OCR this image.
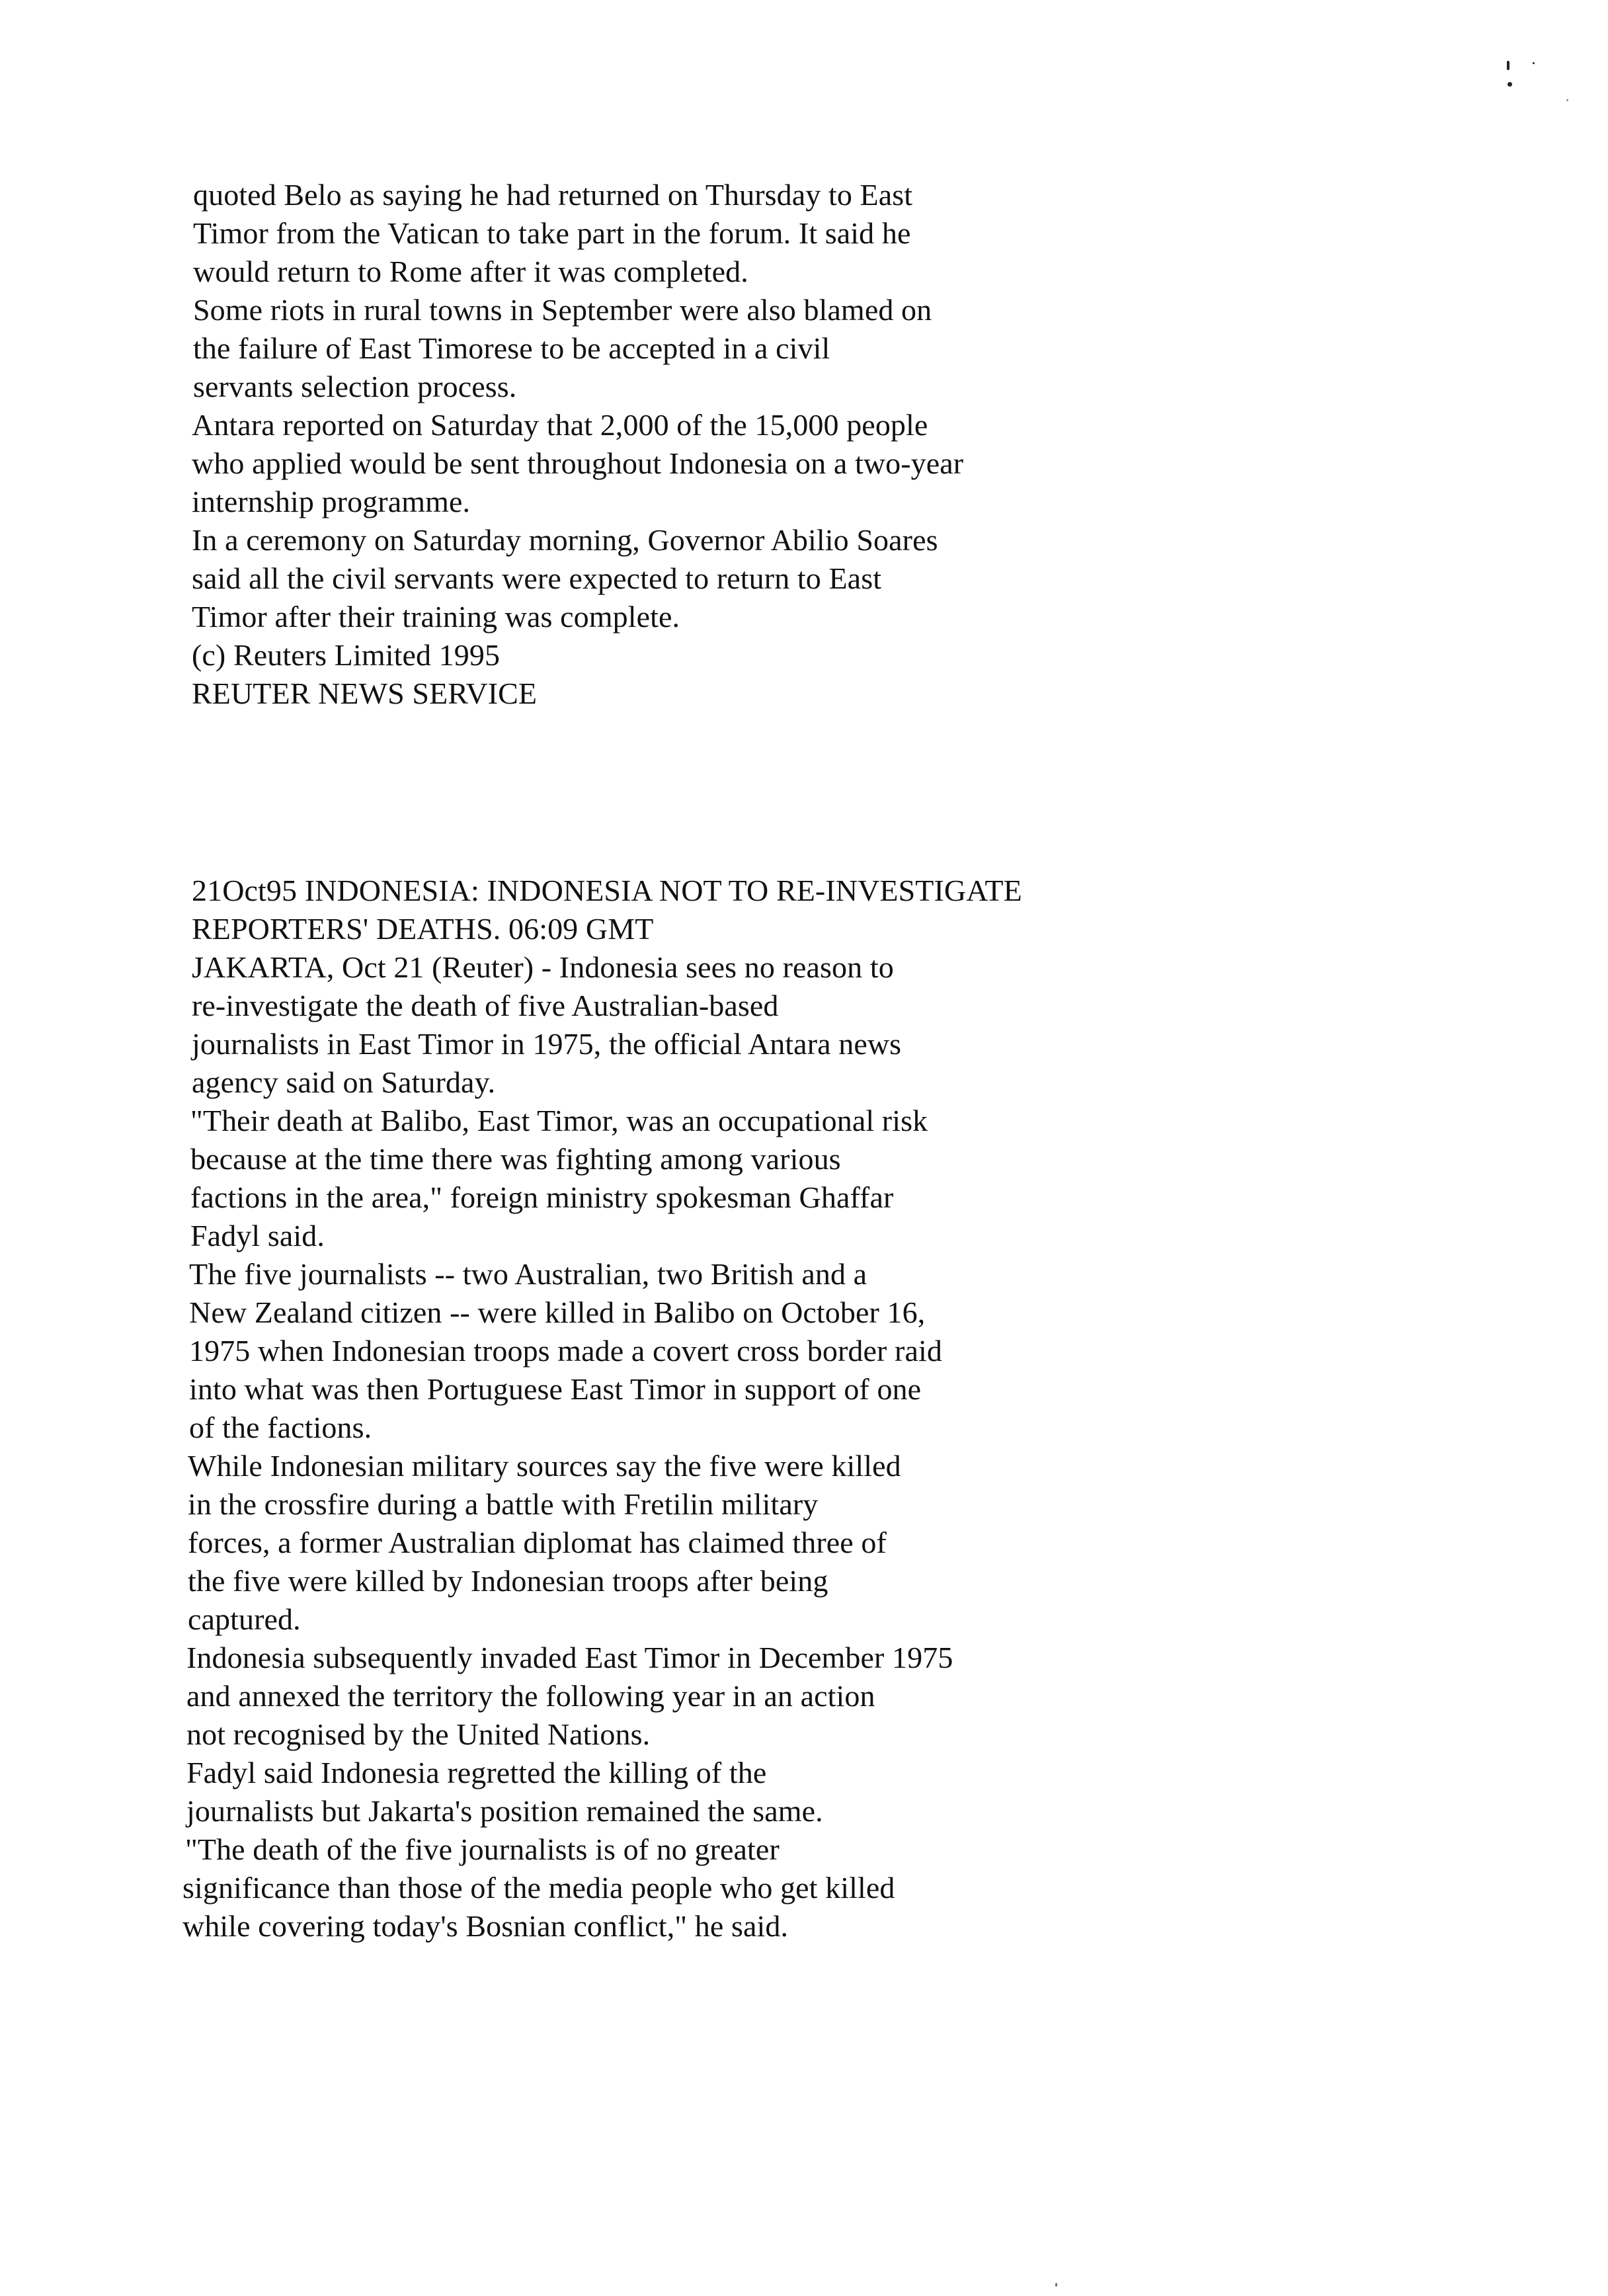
quoted Belo as saying he had returned on Thursday to East
Timor from the Vatican to take part in the forum. It said he
would return to Rome after it was completed.
Some riots in rural towns in September were also blamed on
the failure of East Timorese to be accepted in a civil
servants selection process.
Antara reported on Saturday that 2,000 of the 15,000 people
who applied would be sent throughout Indonesia on a two-year
internship programme.
In a ceremony on Saturday morning, Governor Abilio Soares
said all the civil servants were expected to return to East
Timor after their training was complete.
(c) Reuters Limited 1995
REUTER NEWS SERVICE
21Oct95 INDONESIA: INDONESIA NOT TO RE-INVESTIGATE
REPORTERS' DEATHS. 06:09 GMT
JAKARTA, Oct 21 (Reuter) - Indonesia sees no reason to
re-investigate the death of five Australian-based
journalists in East Timor in 1975, the official Antara news
agency said on Saturday.
"Their death at Balibo, East Timor, was an occupational risk
because at the time there was fighting among various
factions in the area," foreign ministry spokesman Ghaffar
Fadyl said.
The five journalists -- two Australian, two British and a
New Zealand citizen -- were killed in Balibo on October 16,
1975 when Indonesian troops made a covert cross border raid
into what was then Portuguese East Timor in support of one
of the factions.
While Indonesian military sources say the five were killed
in the crossfire during a battle with Fretilin military
forces, a former Australian diplomat has claimed three of
the five were killed by Indonesian troops after being
captured.
Indonesia subsequently invaded East Timor in December 1975
and annexed the territory the following year in an action
not recognised by the United Nations.
Fadyl said Indonesia regretted the killing of the
journalists but Jakarta's position remained the same.
"The death of the five journalists is of no greater
significance than those of the media people who get killed
while covering today's Bosnian conflict," he said.
